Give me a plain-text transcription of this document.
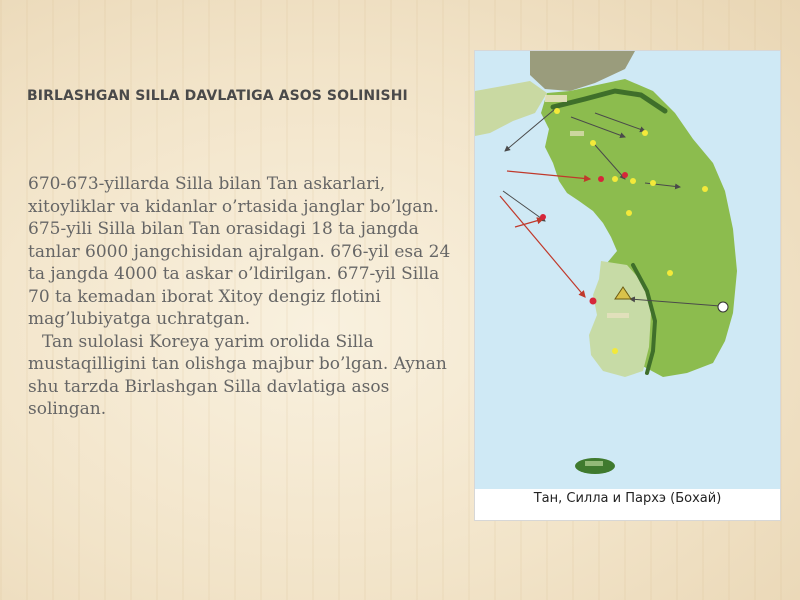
BIRLASHGAN SILLA DAVLATIGA ASOS SOLINISHI

670-673-yillarda Silla bilan Tan askarlari, xitoyliklar va kidanlar o’rtasida janglar bo’lgan. 675-yili Silla bilan Tan orasidagi 18 ta jangda tanlar 6000 jangchisidan ajralgan. 676-yil esa 24 ta jangda 4000 ta askar o’ldirilgan. 677-yil Silla 70 ta kemadan iborat Xitoy dengiz flotini mag’lubiyatga uchratgan.

Tan sulolasi Koreya yarim orolida Silla mustaqilligini tan olishga majbur bo’lgan. Aynan shu tarzda Birlashgan Silla davlatiga asos solingan.

Тан, Силла и Пархэ (Бохай)
